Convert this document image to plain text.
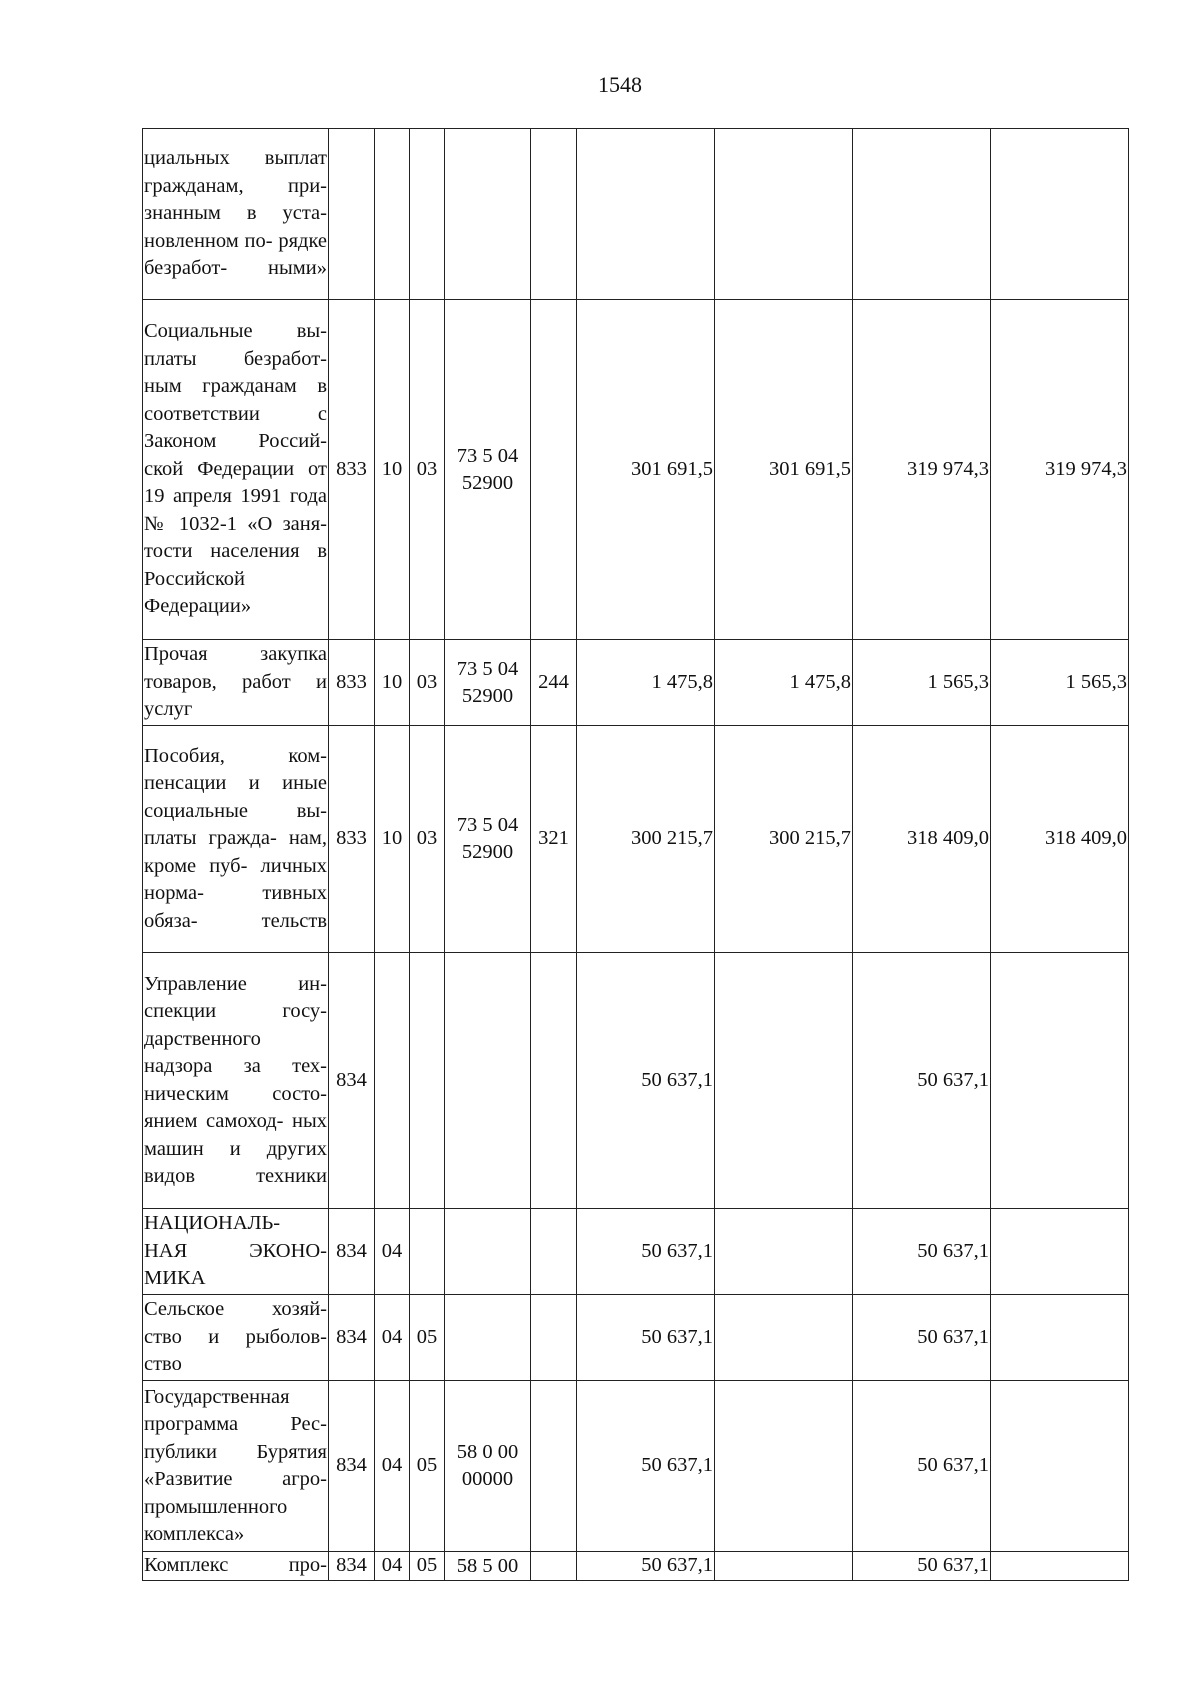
1548
циальных выплат гражданам, при- знанным в уста- новленном по- рядке безработ- ными»									
Социальные вы- платы безработ- ным гражданам в соответствии с Законом Россий- ской Федерации от 19 апреля 1991 года № 1032-1 «О заня- тости населения в Российской Федерации»	833	10	03	73 5 04 52900		301 691,5	301 691,5	319 974,3	319 974,3
Прочая закупка товаров, работ и услуг	833	10	03	73 5 04 52900	244	1 475,8	1 475,8	1 565,3	1 565,3
Пособия, ком- пенсации и иные социальные вы- платы гражда- нам, кроме пуб- личных норма- тивных обяза- тельств	833	10	03	73 5 04 52900	321	300 215,7	300 215,7	318 409,0	318 409,0
Управление ин- спекции госу- дарственного надзора за тех- ническим состо- янием самоход- ных машин и других видов техники	834					50 637,1		50 637,1	
НАЦИОНАЛЬ- НАЯ ЭКОНО- МИКА	834	04				50 637,1		50 637,1	
Сельское хозяй- ство и рыболов- ство	834	04	05			50 637,1		50 637,1	
Государственная программа Рес- публики Бурятия «Развитие агро- промышленного комплекса»	834	04	05	58 0 00 00000		50 637,1		50 637,1	
Комплекс про-	834	04	05	58 5 00		50 637,1		50 637,1	
